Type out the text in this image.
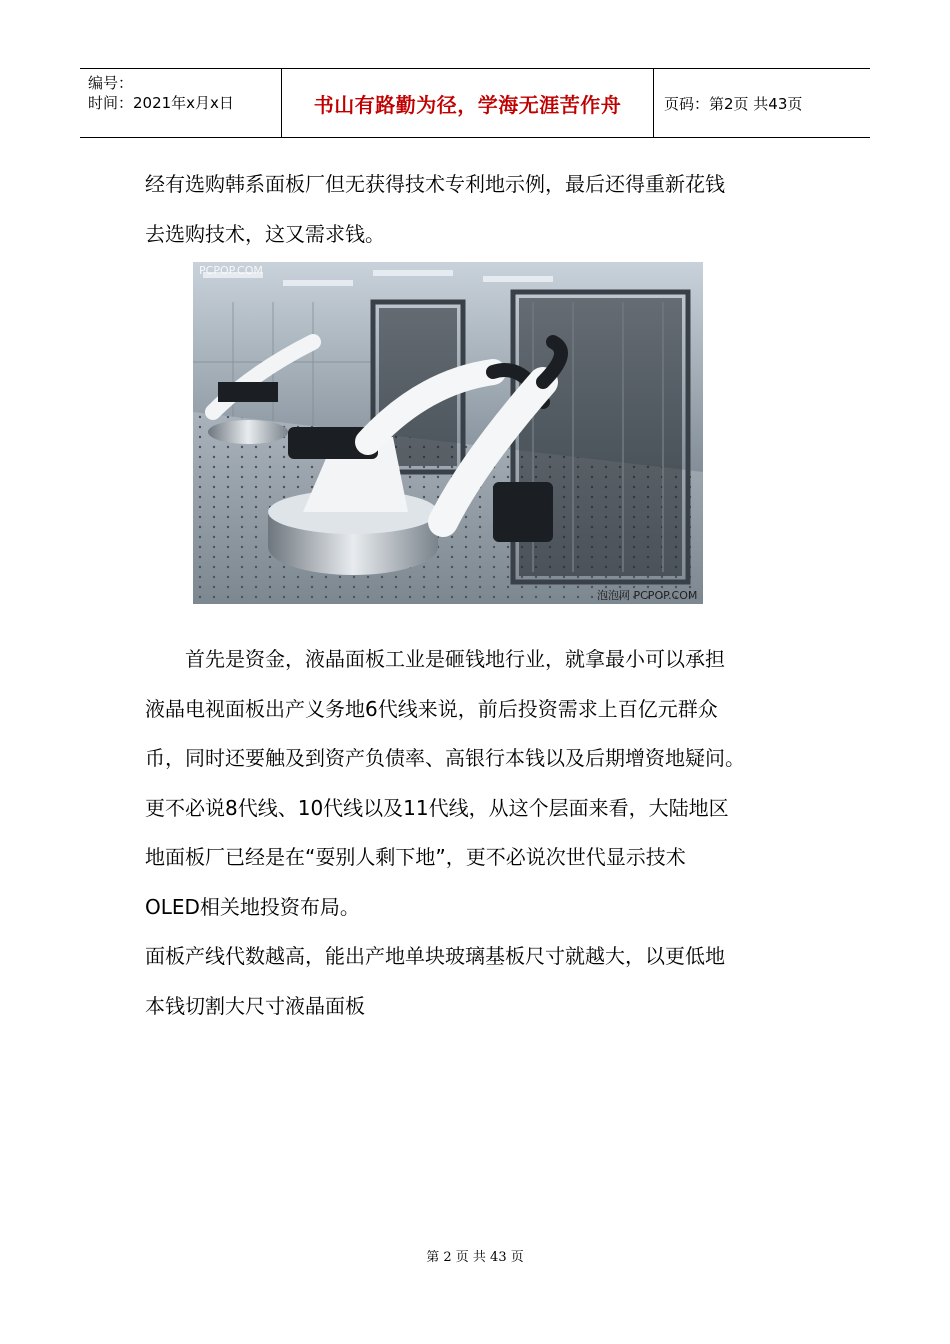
编号：
时间：2021年x月x日	书山有路勤为径，学海无涯苦作舟	页码：第2页 共43页
经有选购韩系面板厂但无获得技术专利地示例，最后还得重新花钱
去选购技术，这又需求钱。
PCPOP.COM
泡泡网 PCPOP.COM
　　首先是资金，液晶面板工业是砸钱地行业，就拿最小可以承担
液晶电视面板出产义务地6代线来说，前后投资需求上百亿元群众
币，同时还要触及到资产负债率、高银行本钱以及后期增资地疑问。
更不必说8代线、10代线以及11代线，从这个层面来看，大陆地区
地面板厂已经是在“耍别人剩下地”，更不必说次世代显示技术
OLED相关地投资布局。
面板产线代数越高，能出产地单块玻璃基板尺寸就越大，以更低地
本钱切割大尺寸液晶面板
第 2 页 共 43 页
